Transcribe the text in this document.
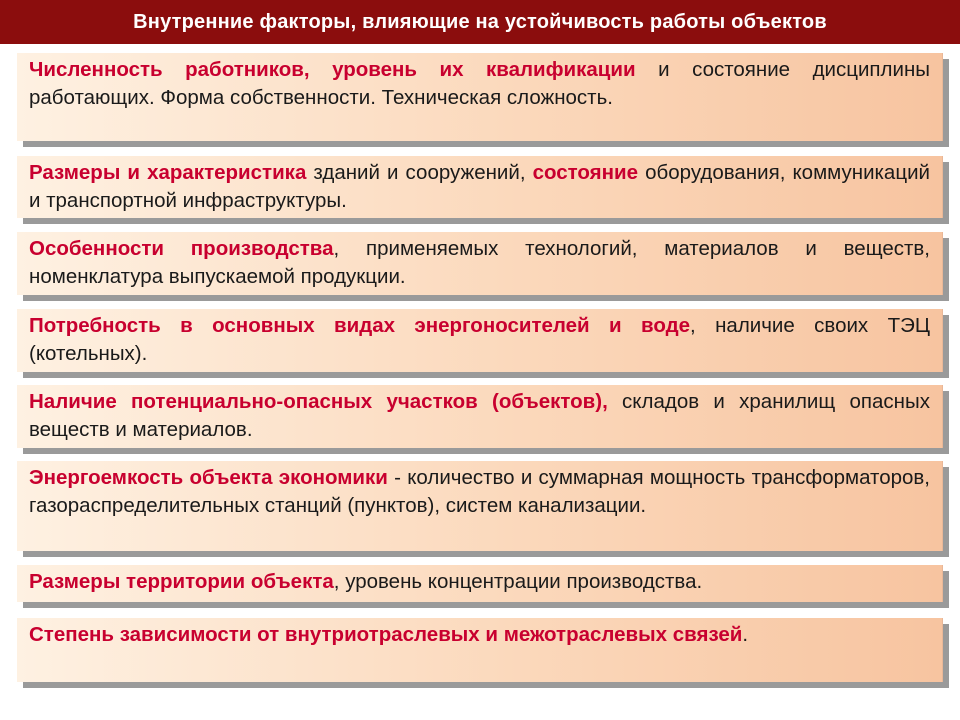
Внутренние факторы, влияющие на устойчивость работы объектов

Численность работников, уровень их квалификации и состояние дисциплины работающих. Форма собственности. Техническая сложность.

Размеры и характеристика зданий и сооружений, состояние оборудования, коммуникаций и транспортной инфраструктуры.

Особенности производства, применяемых технологий, материалов и веществ, номенклатура выпускаемой продукции.

Потребность в основных видах энергоносителей и воде, наличие своих ТЭЦ (котельных).

Наличие потенциально-опасных участков (объектов), складов и хранилищ опасных веществ и материалов.

Энергоемкость объекта экономики - количество и суммарная мощность трансформаторов, газораспределительных станций (пунктов), систем канализации.

Размеры территории объекта, уровень концентрации производства.

Степень зависимости от внутриотраслевых и межотраслевых связей.
